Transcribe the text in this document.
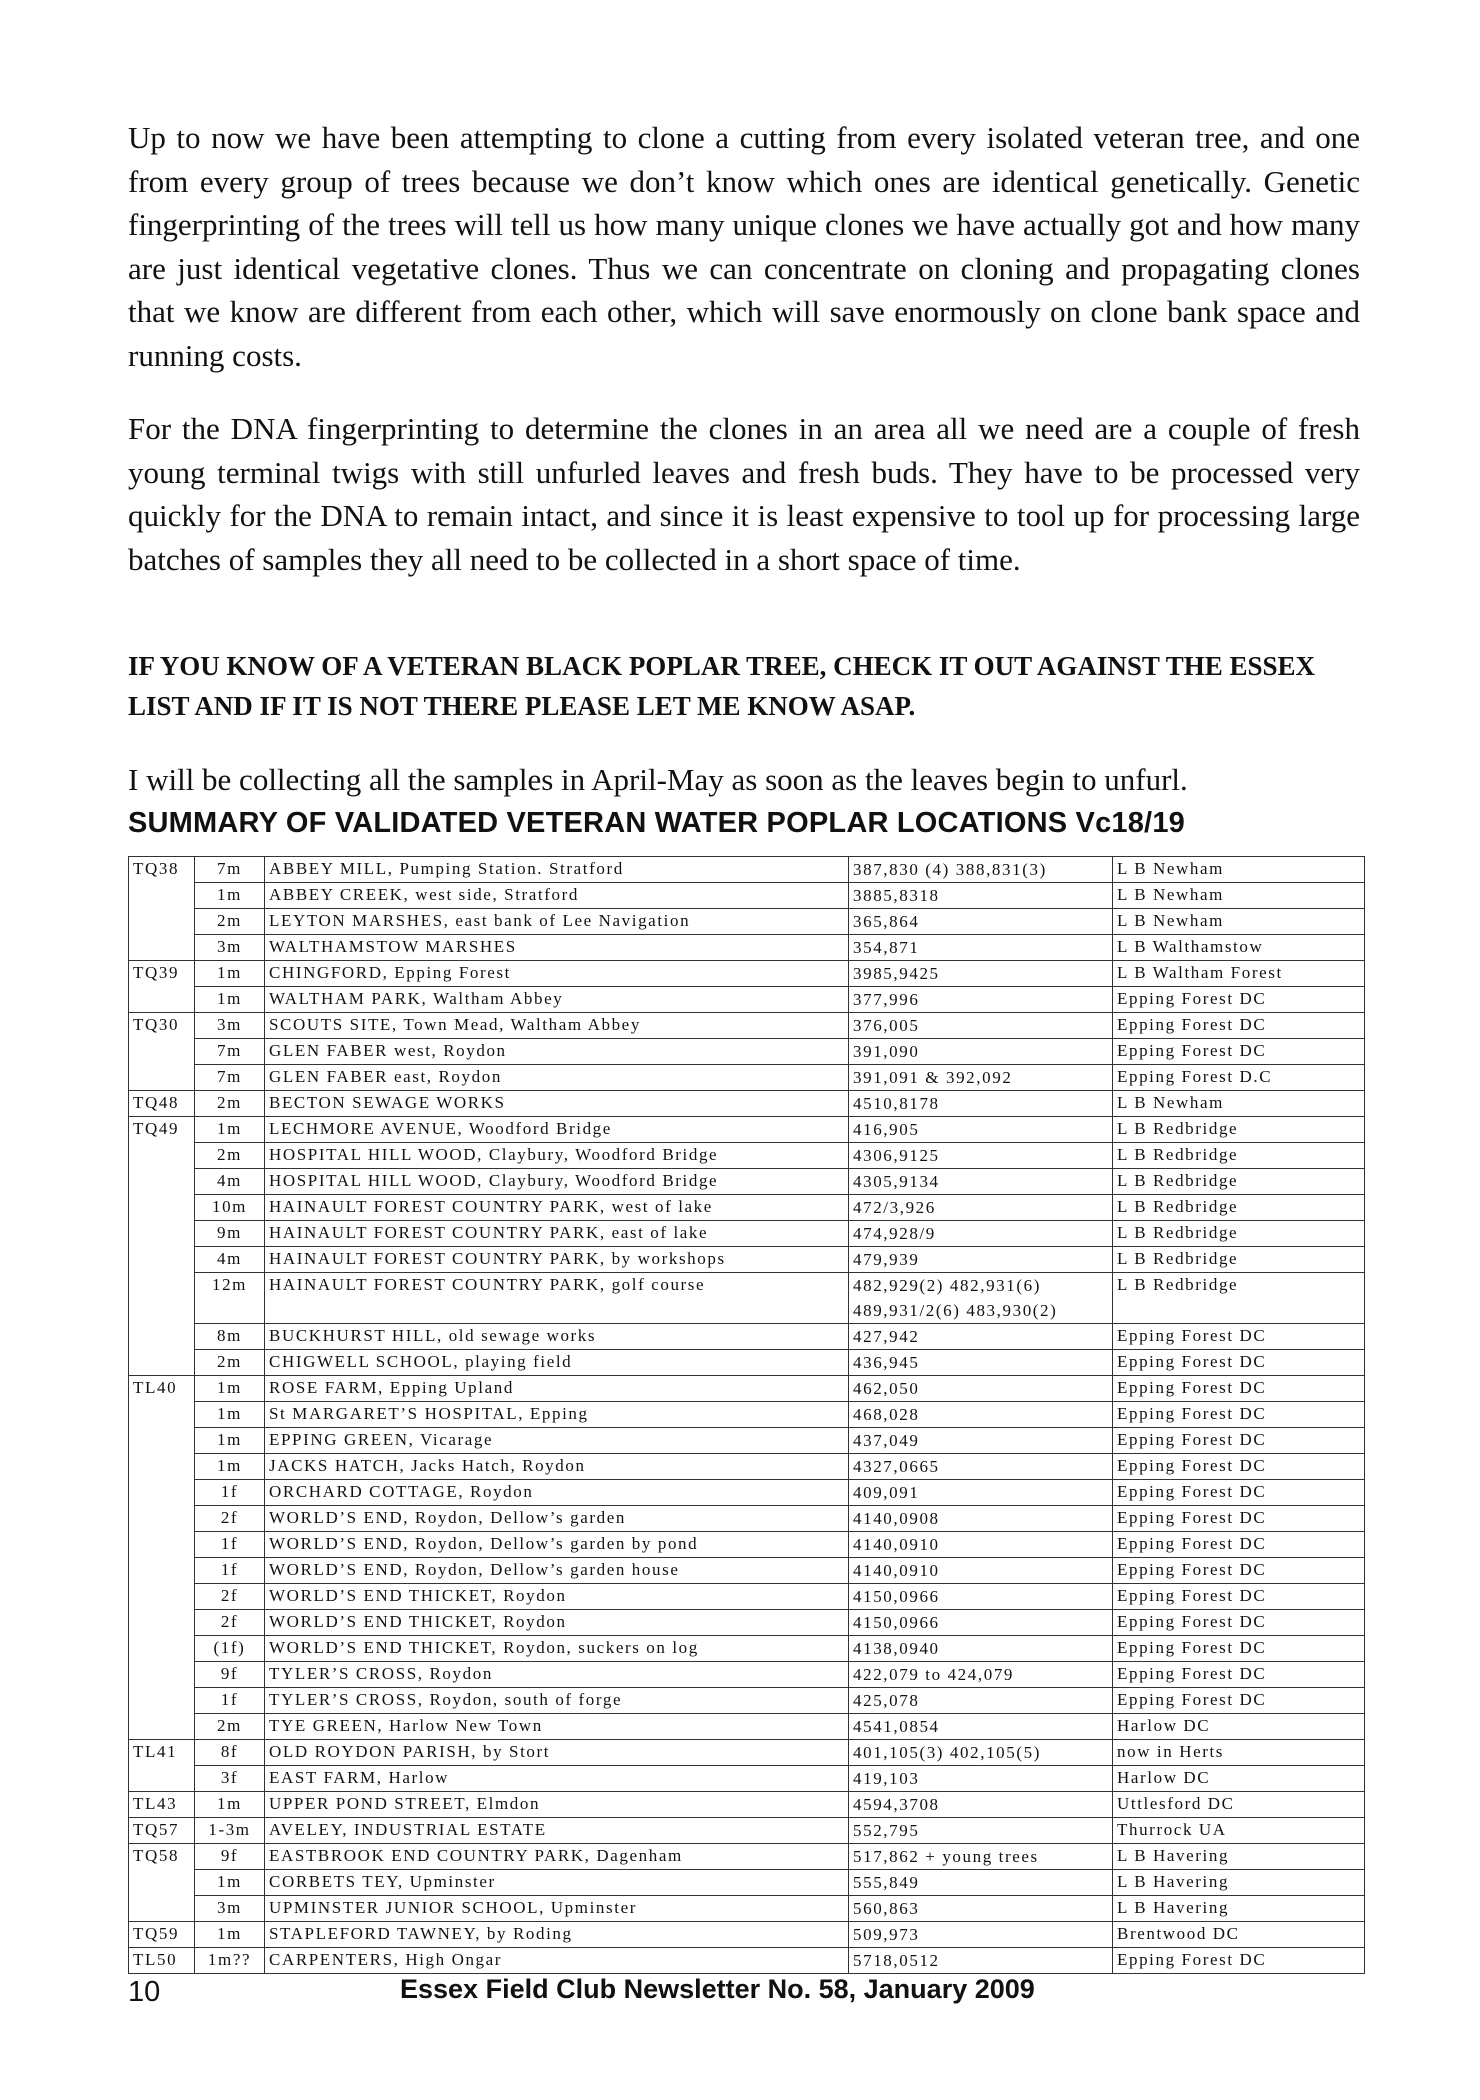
Up to now we have been attempting to clone a cutting from every isolated veteran tree, and one from every group of trees because we don’t know which ones are identical genetically. Genetic fingerprinting of the trees will tell us how many unique clones we have actually got and how many are just identical vegetative clones. Thus we can concentrate on cloning and propagating clones that we know are different from each other, which will save enormously on clone bank space and running costs.

For the DNA fingerprinting to determine the clones in an area all we need are a couple of fresh young terminal twigs with still unfurled leaves and fresh buds. They have to be processed very quickly for the DNA to remain intact, and since it is least expensive to tool up for processing large batches of samples they all need to be collected in a short space of time.

IF YOU KNOW OF A VETERAN BLACK POPLAR TREE, CHECK IT OUT AGAINST THE ESSEX LIST AND IF IT IS NOT THERE PLEASE LET ME KNOW ASAP.

I will be collecting all the samples in April-May as soon as the leaves begin to unfurl.

SUMMARY OF VALIDATED VETERAN WATER POPLAR LOCATIONS Vc18/19
TQ38	7m	ABBEY MILL, Pumping Station. Stratford	387,830 (4) 388,831(3)	L B Newham
	1m	ABBEY CREEK, west side, Stratford	3885,8318	L B Newham
	2m	LEYTON MARSHES, east bank of Lee Navigation	365,864	L B Newham
	3m	WALTHAMSTOW MARSHES	354,871	L B Walthamstow
TQ39	1m	CHINGFORD, Epping Forest	3985,9425	L B Waltham Forest
	1m	WALTHAM PARK, Waltham Abbey	377,996	Epping Forest DC
TQ30	3m	SCOUTS SITE, Town Mead, Waltham Abbey	376,005	Epping Forest DC
	7m	GLEN FABER west, Roydon	391,090	Epping Forest DC
	7m	GLEN FABER east, Roydon	391,091 & 392,092	Epping Forest D.C
TQ48	2m	BECTON SEWAGE WORKS	4510,8178	L B Newham
TQ49	1m	LECHMORE AVENUE, Woodford Bridge	416,905	L B Redbridge
	2m	HOSPITAL HILL WOOD, Claybury, Woodford Bridge	4306,9125	L B Redbridge
	4m	HOSPITAL HILL WOOD, Claybury, Woodford Bridge	4305,9134	L B Redbridge
	10m	HAINAULT FOREST COUNTRY PARK, west of lake	472/3,926	L B Redbridge
	9m	HAINAULT FOREST COUNTRY PARK, east of lake	474,928/9	L B Redbridge
	4m	HAINAULT FOREST COUNTRY PARK, by workshops	479,939	L B Redbridge
	12m	HAINAULT FOREST COUNTRY PARK, golf course	482,929(2) 482,931(6) 489,931/2(6) 483,930(2)	L B Redbridge
	8m	BUCKHURST HILL, old sewage works	427,942	Epping Forest DC
	2m	CHIGWELL SCHOOL, playing field	436,945	Epping Forest DC
TL40	1m	ROSE FARM, Epping Upland	462,050	Epping Forest DC
	1m	St MARGARET’S HOSPITAL, Epping	468,028	Epping Forest DC
	1m	EPPING GREEN, Vicarage	437,049	Epping Forest DC
	1m	JACKS HATCH, Jacks Hatch, Roydon	4327,0665	Epping Forest DC
	1f	ORCHARD COTTAGE, Roydon	409,091	Epping Forest DC
	2f	WORLD’S END, Roydon, Dellow’s garden	4140,0908	Epping Forest DC
	1f	WORLD’S END, Roydon, Dellow’s garden by pond	4140,0910	Epping Forest DC
	1f	WORLD’S END, Roydon, Dellow’s garden house	4140,0910	Epping Forest DC
	2f	WORLD’S END THICKET, Roydon	4150,0966	Epping Forest DC
	2f	WORLD’S END THICKET, Roydon	4150,0966	Epping Forest DC
	(1f)	WORLD’S END THICKET, Roydon, suckers on log	4138,0940	Epping Forest DC
	9f	TYLER’S CROSS, Roydon	422,079 to 424,079	Epping Forest DC
	1f	TYLER’S CROSS, Roydon, south of forge	425,078	Epping Forest DC
	2m	TYE GREEN, Harlow New Town	4541,0854	Harlow DC
TL41	8f	OLD ROYDON PARISH, by Stort	401,105(3) 402,105(5)	now in Herts
	3f	EAST FARM, Harlow	419,103	Harlow DC
TL43	1m	UPPER POND STREET, Elmdon	4594,3708	Uttlesford DC
TQ57	1-3m	AVELEY, INDUSTRIAL ESTATE	552,795	Thurrock UA
TQ58	9f	EASTBROOK END COUNTRY PARK, Dagenham	517,862 + young trees	L B Havering
	1m	CORBETS TEY, Upminster	555,849	L B Havering
	3m	UPMINSTER JUNIOR SCHOOL, Upminster	560,863	L B Havering
TQ59	1m	STAPLEFORD TAWNEY, by Roding	509,973	Brentwood DC
TL50	1m??	CARPENTERS, High Ongar	5718,0512	Epping Forest DC
10	Essex Field Club Newsletter No. 58, January 2009
